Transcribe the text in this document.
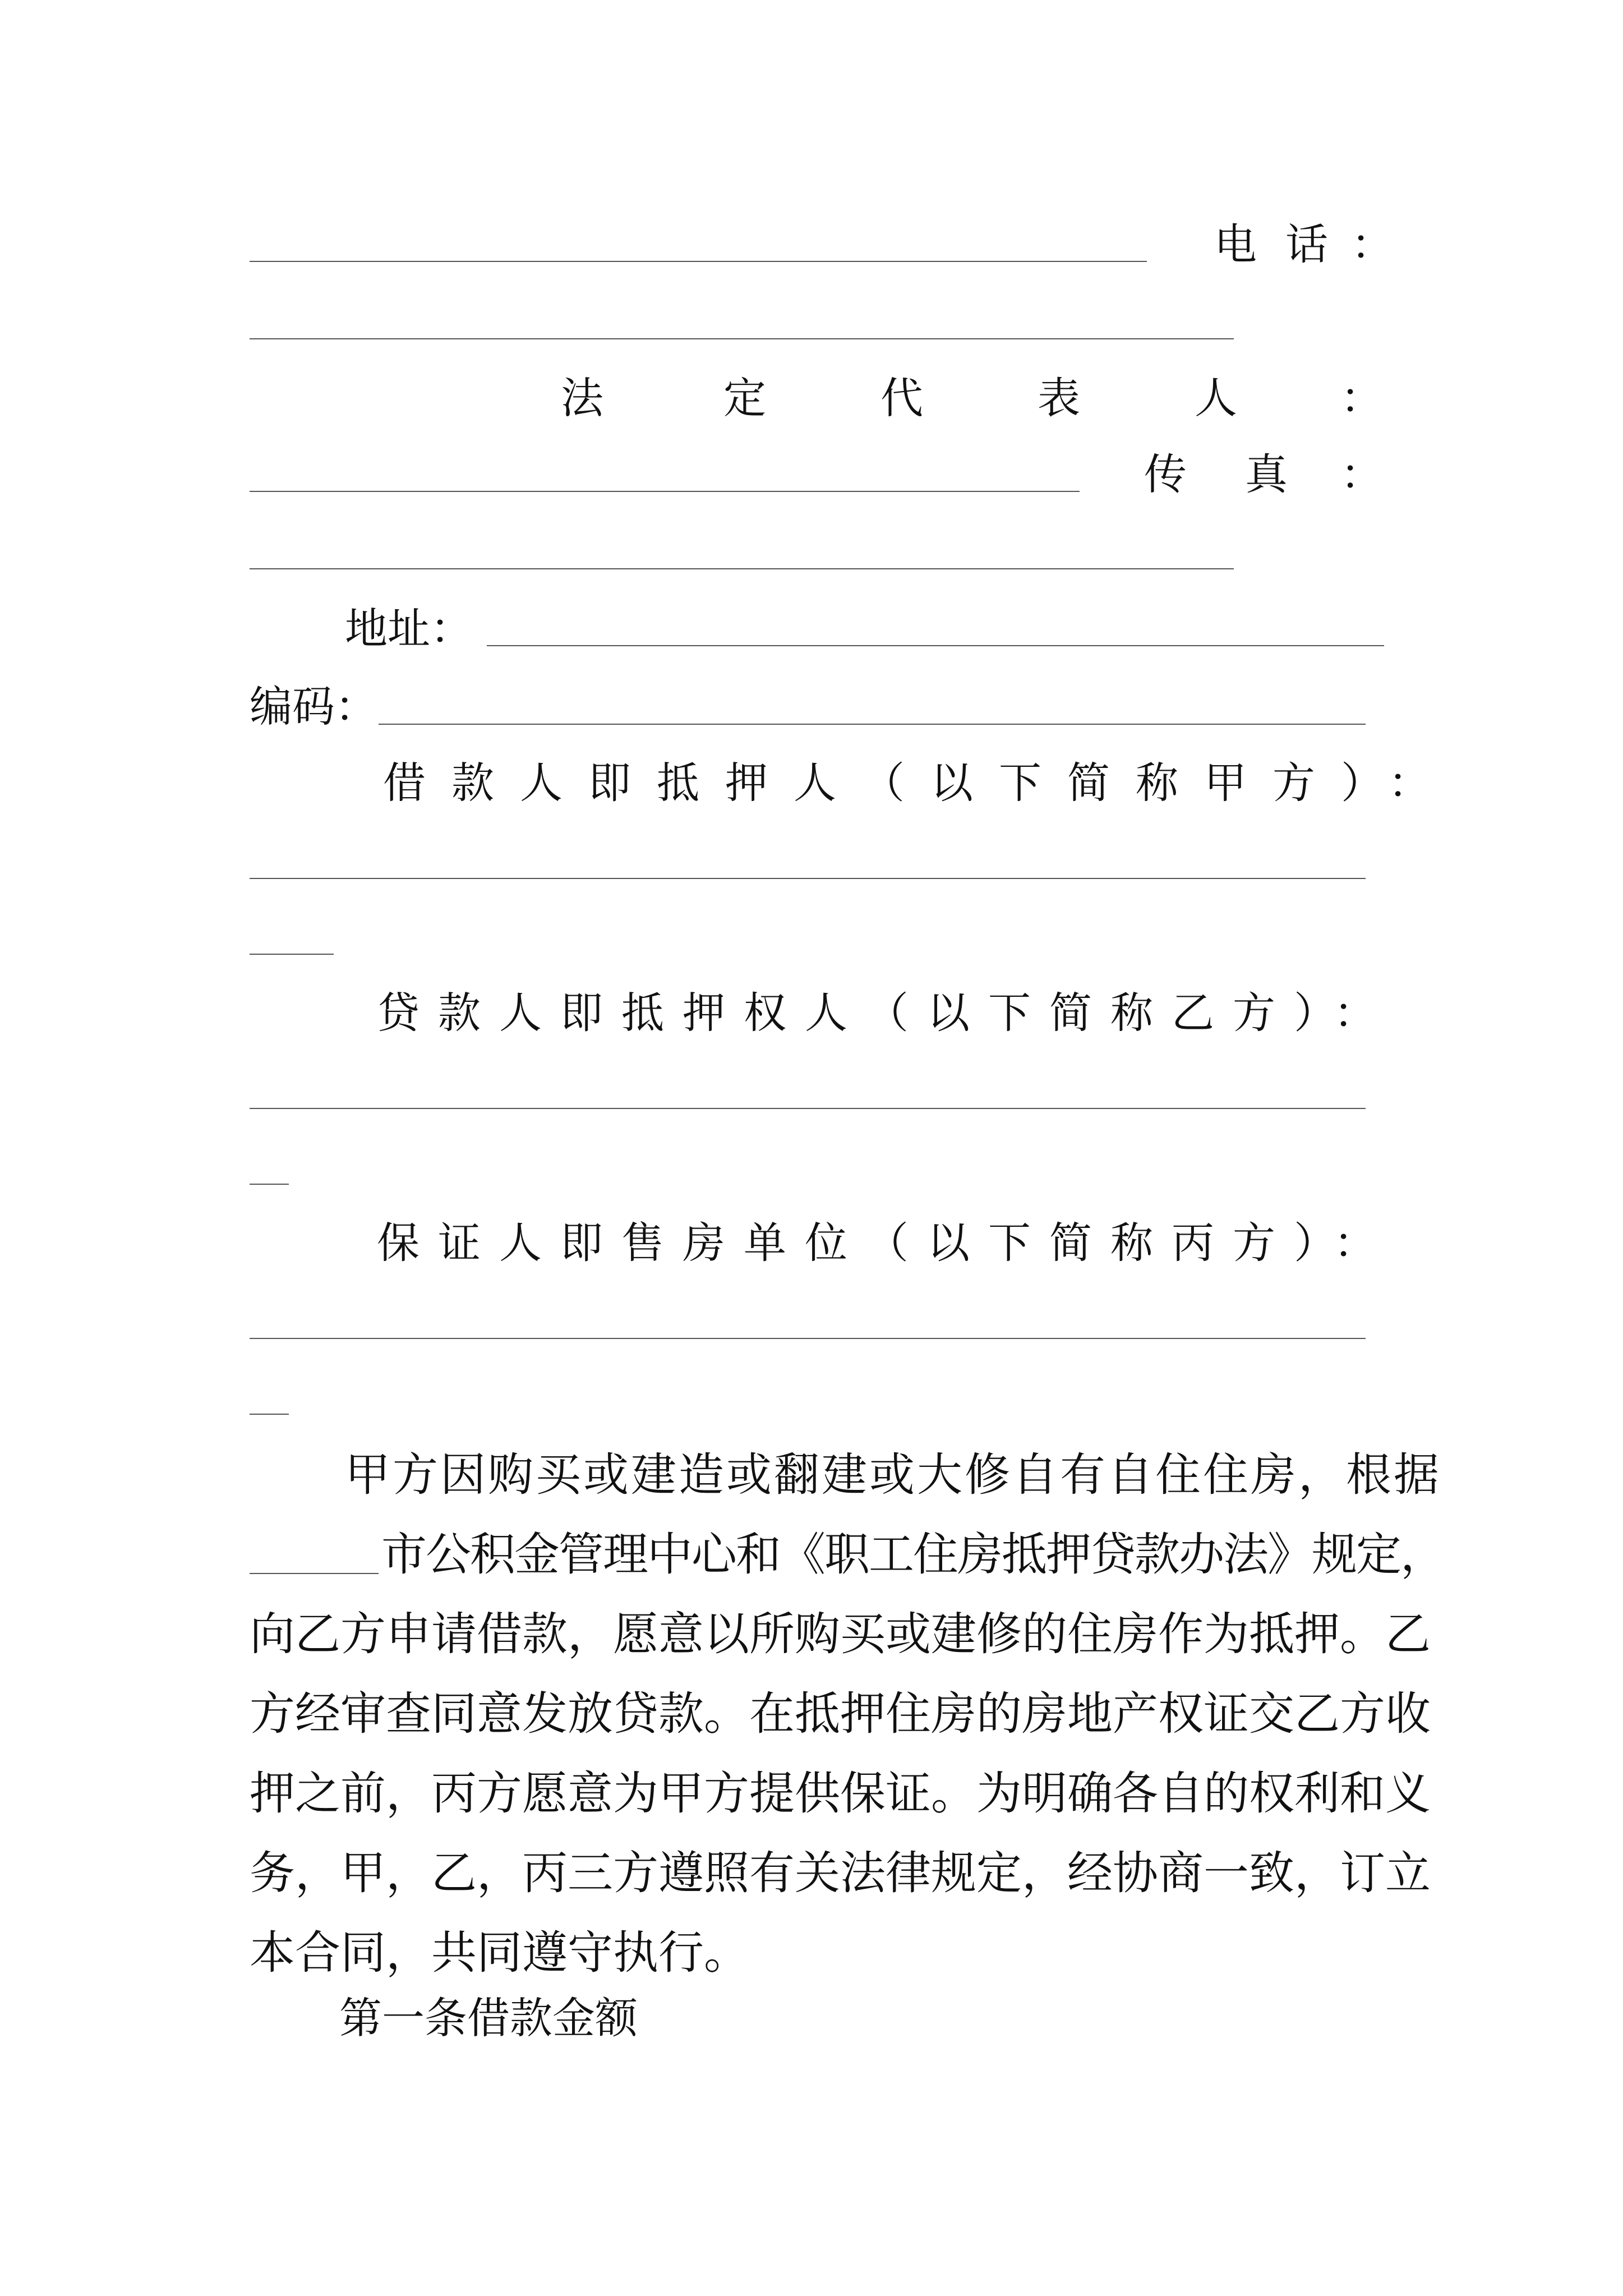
电 话 ：
法	定	代	表	人 ：
传 真 ：
地址：
编码：
借款人即抵押人（以下简称甲方）：
贷款人即抵押权人（以下简称乙方）：
保证人即售房单位（以下简称丙方）：
甲方因购买或建造或翻建或大修自有自住住房，根据
市公积金管理中心和《职工住房抵押贷款办法》规定，
向乙方申请借款，愿意以所购买或建修的住房作为抵押。乙
方经审查同意发放贷款。在抵押住房的房地产权证交乙方收
押之前，丙方愿意为甲方提供保证。为明确各自的权利和义
务，甲，乙，丙三方遵照有关法律规定，经协商一致，订立
本合同，共同遵守执行。
第一条借款金额
